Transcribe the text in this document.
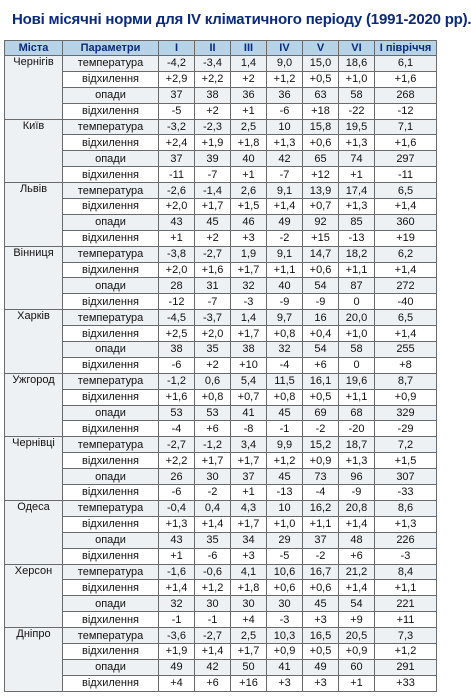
Нові місячні норми для IV кліматичного періоду (1991-2020 рр).
Міста	Параметри	I	II	III	IV	V	VI	I півріччя
Чернігів	температура	-4,2	-3,4	1,4	9,0	15,0	18,6	6,1
	відхилення	+2,9	+2,2	+2	+1,2	+0,5	+1,0	+1,6
	опади	37	38	36	36	63	58	268
	відхилення	-5	+2	+1	-6	+18	-22	-12
Київ	температура	-3,2	-2,3	2,5	10	15,8	19,5	7,1
	відхилення	+2,4	+1,9	+1,8	+1,3	+0,6	+1,3	+1,6
	опади	37	39	40	42	65	74	297
	відхилення	-11	-7	+1	-7	+12	+1	-11
Львів	температура	-2,6	-1,4	2,6	9,1	13,9	17,4	6,5
	відхилення	+2,0	+1,7	+1,5	+1,4	+0,7	+1,3	+1,4
	опади	43	45	46	49	92	85	360
	відхилення	+1	+2	+3	-2	+15	-13	+19
Вінниця	температура	-3,8	-2,7	1,9	9,1	14,7	18,2	6,2
	відхилення	+2,0	+1,6	+1,7	+1,1	+0,6	+1,1	+1,4
	опади	28	31	32	40	54	87	272
	відхилення	-12	-7	-3	-9	-9	0	-40
Харків	температура	-4,5	-3,7	1,4	9,7	16	20,0	6,5
	відхилення	+2,5	+2,0	+1,7	+0,8	+0,4	+1,0	+1,4
	опади	38	35	38	32	54	58	255
	відхилення	-6	+2	+10	-4	+6	0	+8
Ужгород	температура	-1,2	0,6	5,4	11,5	16,1	19,6	8,7
	відхилення	+1,6	+0,8	+0,7	+0,8	+0,5	+1,1	+0,9
	опади	53	53	41	45	69	68	329
	відхилення	-4	+6	-8	-1	-2	-20	-29
Чернівці	температура	-2,7	-1,2	3,4	9,9	15,2	18,7	7,2
	відхилення	+2,2	+1,7	+1,7	+1,2	+0,9	+1,3	+1,5
	опади	26	30	37	45	73	96	307
	відхилення	-6	-2	+1	-13	-4	-9	-33
Одеса	температура	-0,4	0,4	4,3	10	16,2	20,8	8,6
	відхилення	+1,3	+1,4	+1,7	+1,0	+1,1	+1,4	+1,3
	опади	43	35	34	29	37	48	226
	відхилення	+1	-6	+3	-5	-2	+6	-3
Херсон	температура	-1,6	-0,6	4,1	10,6	16,7	21,2	8,4
	відхилення	+1,4	+1,2	+1,8	+0,6	+0,6	+1,4	+1,1
	опади	32	30	30	30	45	54	221
	відхилення	-1	-1	+4	-3	+3	+9	+11
Дніпро	температура	-3,6	-2,7	2,5	10,3	16,5	20,5	7,3
	відхилення	+1,9	+1,4	+1,7	+0,9	+0,5	+0,9	+1,2
	опади	49	42	50	41	49	60	291
	відхилення	+4	+6	+16	+3	+3	+1	+33
